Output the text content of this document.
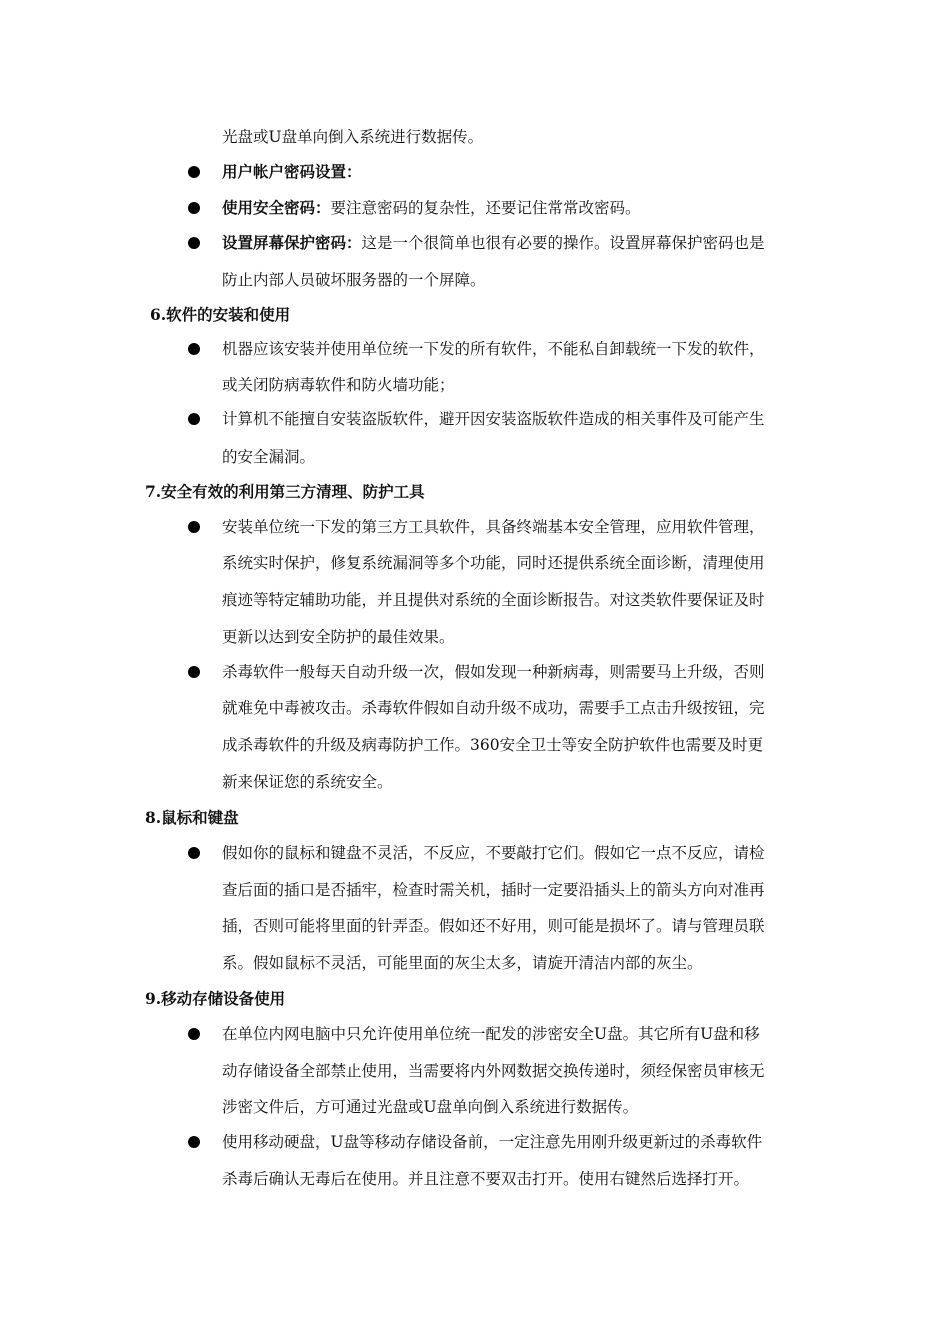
光盘或U盘单向倒入系统进行数据传。
用户帐户密码设置：
使用安全密码：要注意密码的复杂性，还要记住常常改密码。
设置屏幕保护密码：这是一个很简单也很有必要的操作。设置屏幕保护密码也是
防止内部人员破坏服务器的一个屏障。
6.软件的安装和使用
机器应该安装并使用单位统一下发的所有软件，不能私自卸载统一下发的软件，
或关闭防病毒软件和防火墙功能；
计算机不能擅自安装盗版软件，避开因安装盗版软件造成的相关事件及可能产生
的安全漏洞。
7.安全有效的利用第三方清理、防护工具
安装单位统一下发的第三方工具软件，具备终端基本安全管理，应用软件管理，
系统实时保护，修复系统漏洞等多个功能，同时还提供系统全面诊断，清理使用
痕迹等特定辅助功能，并且提供对系统的全面诊断报告。对这类软件要保证及时
更新以达到安全防护的最佳效果。
杀毒软件一般每天自动升级一次，假如发现一种新病毒，则需要马上升级，否则
就难免中毒被攻击。杀毒软件假如自动升级不成功，需要手工点击升级按钮，完
成杀毒软件的升级及病毒防护工作。360安全卫士等安全防护软件也需要及时更
新来保证您的系统安全。
8.鼠标和键盘
假如你的鼠标和键盘不灵活，不反应，不要敲打它们。假如它一点不反应，请检
查后面的插口是否插牢，检查时需关机，插时一定要沿插头上的箭头方向对准再
插，否则可能将里面的针弄歪。假如还不好用，则可能是损坏了。请与管理员联
系。假如鼠标不灵活，可能里面的灰尘太多，请旋开清洁内部的灰尘。
9.移动存储设备使用
在单位内网电脑中只允许使用单位统一配发的涉密安全U盘。其它所有U盘和移
动存储设备全部禁止使用，当需要将内外网数据交换传递时，须经保密员审核无
涉密文件后，方可通过光盘或U盘单向倒入系统进行数据传。
使用移动硬盘，U盘等移动存储设备前，一定注意先用刚升级更新过的杀毒软件
杀毒后确认无毒后在使用。并且注意不要双击打开。使用右键然后选择打开。
